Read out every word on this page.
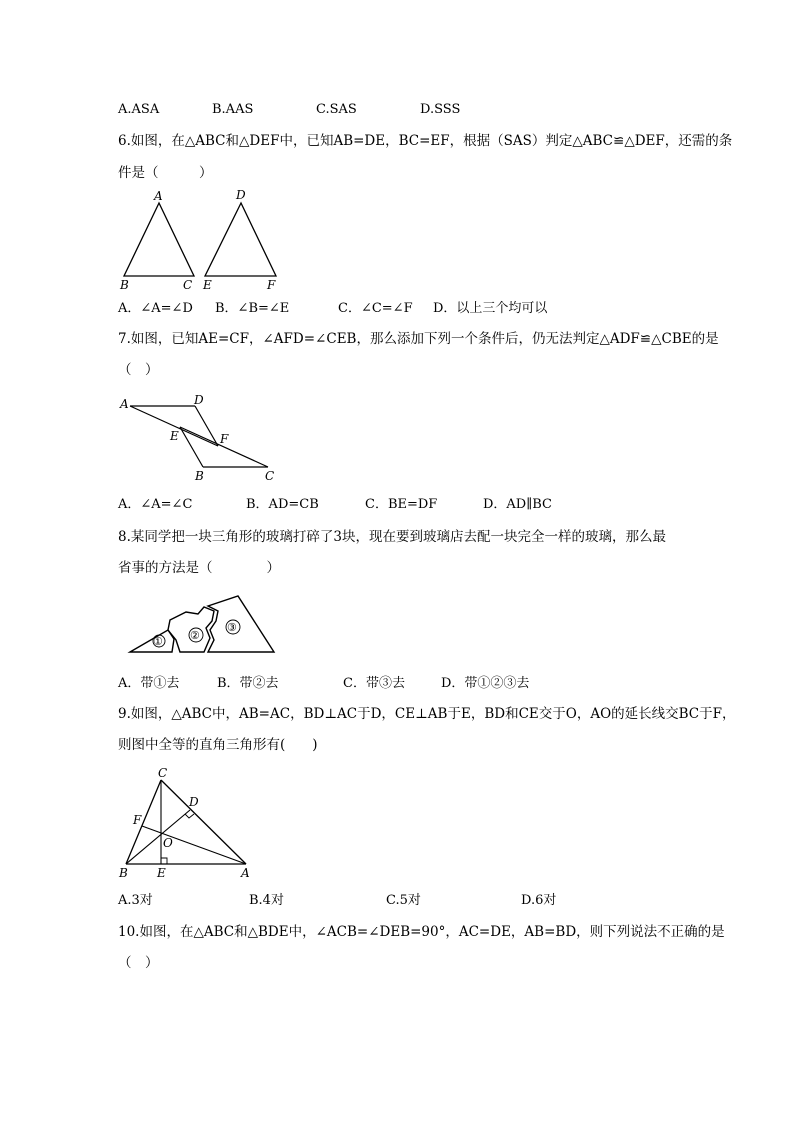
A.ASA	B.AAS	C.SAS	D.SSS
6.如图，在△ABC和△DEF中，已知AB=DE，BC=EF，根据（SAS）判定△ABC≌△DEF，还需的条
件是（　　　）
A
B	C
D
E	F
A．∠A=∠D B．∠B=∠E	C．∠C=∠F D．以上三个均可以
7.如图，已知AE=CF，∠AFD=∠CEB，那么添加下列一个条件后，仍无法判定△ADF≌△CBE的是
（　）
A	D
E	F
B	C
A．∠A=∠C	B．AD=CB	C．BE=DF	D．AD∥BC
8.某同学把一块三角形的玻璃打碎了3块，现在要到玻璃店去配一块完全一样的玻璃，那么最
省事的方法是（　　　　）
① ②
③
A．带①去	B．带②去	C．带③去	D．带①②③去
9.如图，△ABC中，AB=AC，BD⊥AC于D，CE⊥AB于E，BD和CE交于O，AO的延长线交BC于F，
则图中全等的直角三角形有(　　)
C
D
F
O
B E	A
A.3对	B.4对	C.5对	D.6对
10.如图，在△ABC和△BDE中，∠ACB=∠DEB=90°，AC=DE，AB=BD，则下列说法不正确的是
（　）
